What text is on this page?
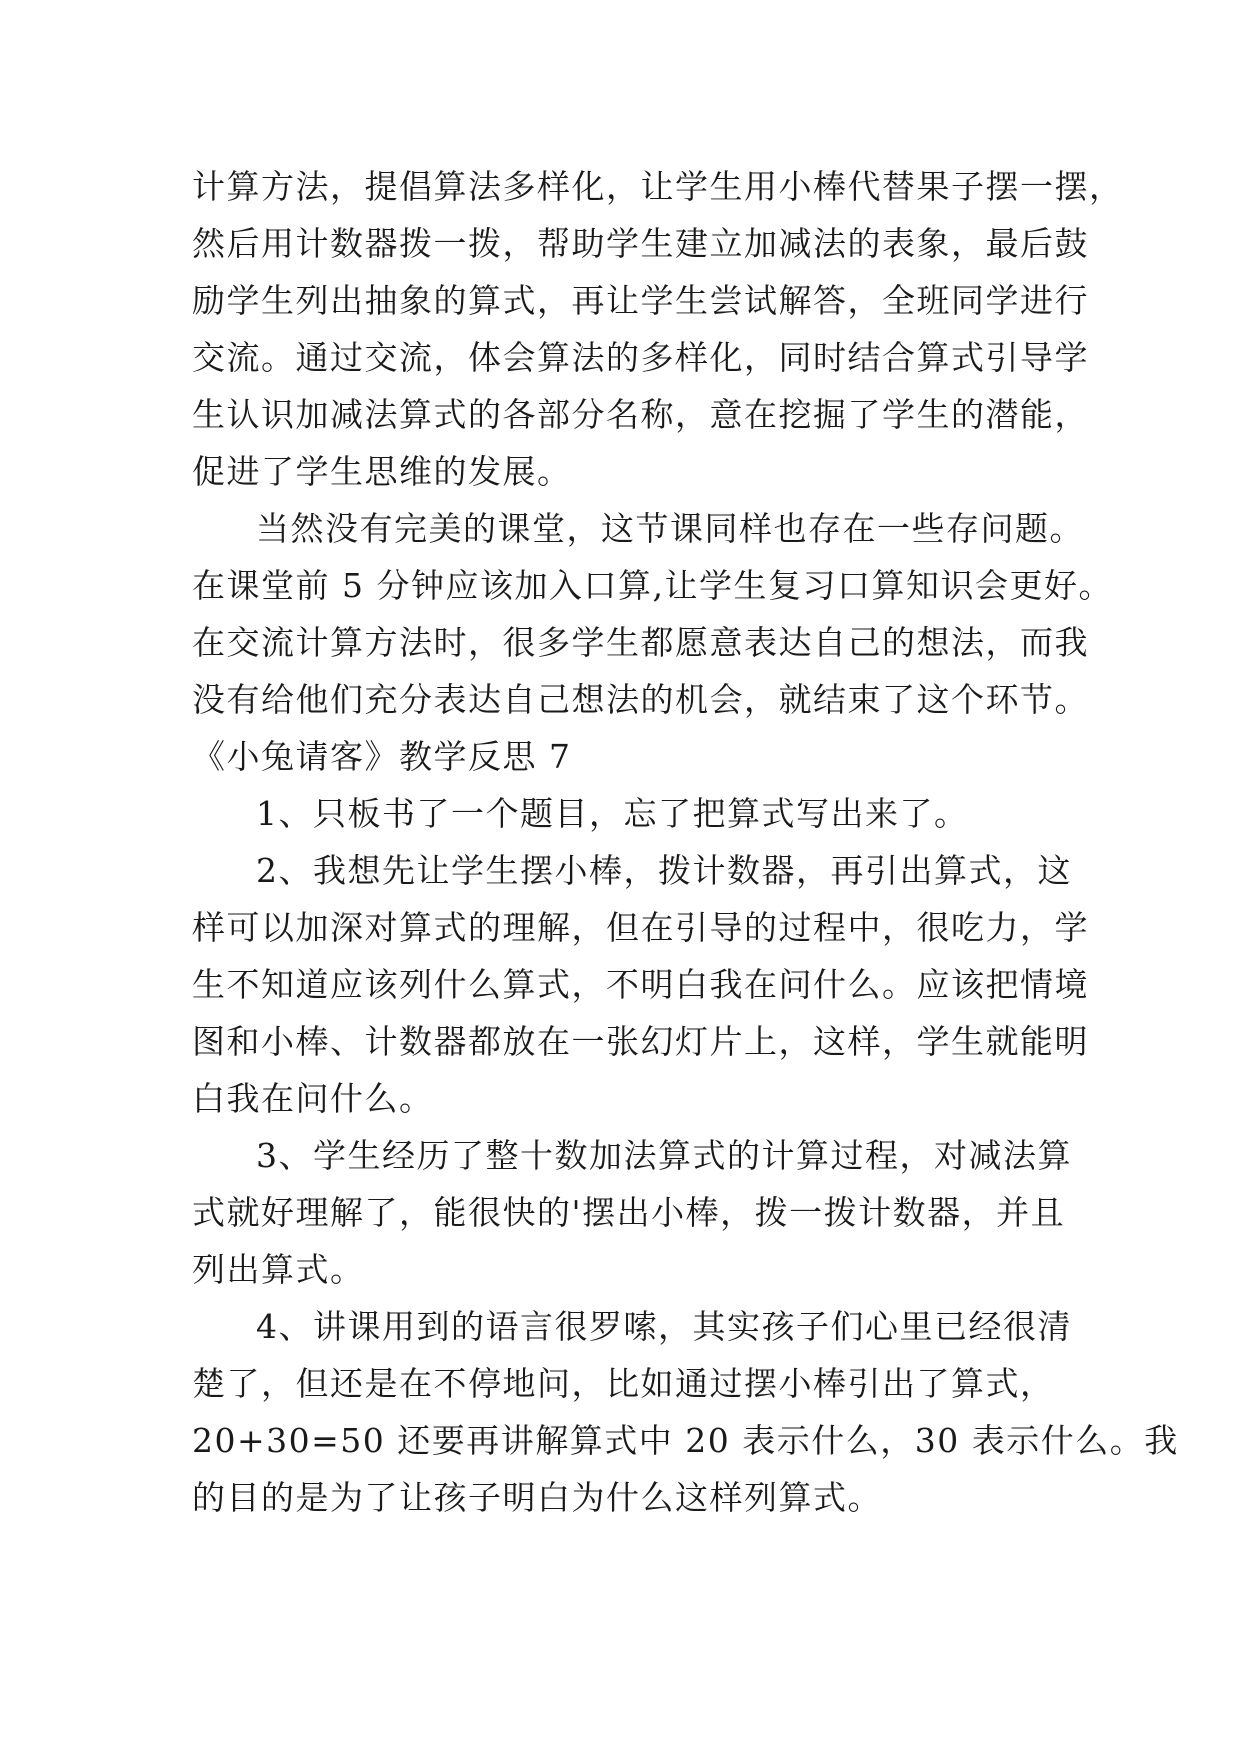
计算方法，提倡算法多样化，让学生用小棒代替果子摆一摆，
然后用计数器拨一拨，帮助学生建立加减法的表象，最后鼓
励学生列出抽象的算式，再让学生尝试解答，全班同学进行
交流。通过交流，体会算法的多样化，同时结合算式引导学
生认识加减法算式的各部分名称，意在挖掘了学生的潜能，
促进了学生思维的发展。
当然没有完美的课堂，这节课同样也存在一些存问题。
在课堂前 5 分钟应该加入口算,让学生复习口算知识会更好。
在交流计算方法时，很多学生都愿意表达自己的想法，而我
没有给他们充分表达自己想法的机会，就结束了这个环节。
《小兔请客》教学反思 7
1、只板书了一个题目，忘了把算式写出来了。
2、我想先让学生摆小棒，拨计数器，再引出算式，这
样可以加深对算式的理解，但在引导的过程中，很吃力，学
生不知道应该列什么算式，不明白我在问什么。应该把情境
图和小棒、计数器都放在一张幻灯片上，这样，学生就能明
白我在问什么。
3、学生经历了整十数加法算式的计算过程，对减法算
式就好理解了，能很快的'摆出小棒，拨一拨计数器，并且
列出算式。
4、讲课用到的语言很罗嗦，其实孩子们心里已经很清
楚了，但还是在不停地问，比如通过摆小棒引出了算式，
20+30=50 还要再讲解算式中 20 表示什么，30 表示什么。我
的目的是为了让孩子明白为什么这样列算式。
